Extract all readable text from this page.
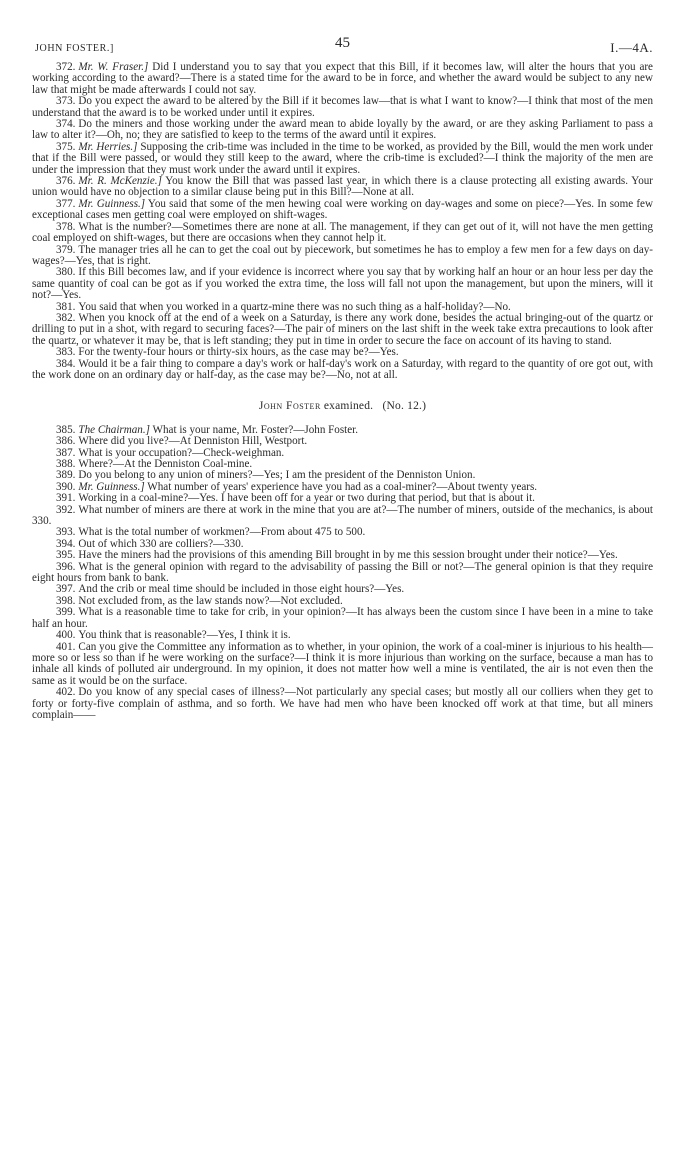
JOHN FOSTER.]	45	I.—4A.

372. Mr. W. Fraser.] Did I understand you to say that you expect that this Bill, if it becomes law, will alter the hours that you are working according to the award?—There is a stated time for the award to be in force, and whether the award would be subject to any new law that might be made afterwards I could not say.

373. Do you expect the award to be altered by the Bill if it becomes law—that is what I want to know?—I think that most of the men understand that the award is to be worked under until it expires.

374. Do the miners and those working under the award mean to abide loyally by the award, or are they asking Parliament to pass a law to alter it?—Oh, no; they are satisfied to keep to the terms of the award until it expires.

375. Mr. Herries.] Supposing the crib-time was included in the time to be worked, as provided by the Bill, would the men work under that if the Bill were passed, or would they still keep to the award, where the crib-time is excluded?—I think the majority of the men are under the impression that they must work under the award until it expires.

376. Mr. R. McKenzie.] You know the Bill that was passed last year, in which there is a clause protecting all existing awards. Your union would have no objection to a similar clause being put in this Bill?—None at all.

377. Mr. Guinness.] You said that some of the men hewing coal were working on day-wages and some on piece?—Yes. In some few exceptional cases men getting coal were employed on shift-wages.

378. What is the number?—Sometimes there are none at all. The management, if they can get out of it, will not have the men getting coal employed on shift-wages, but there are occasions when they cannot help it.

379. The manager tries all he can to get the coal out by piecework, but sometimes he has to employ a few men for a few days on day-wages?—Yes, that is right.

380. If this Bill becomes law, and if your evidence is incorrect where you say that by working half an hour or an hour less per day the same quantity of coal can be got as if you worked the extra time, the loss will fall not upon the management, but upon the miners, will it not?—Yes.

381. You said that when you worked in a quartz-mine there was no such thing as a half-holiday?—No.

382. When you knock off at the end of a week on a Saturday, is there any work done, besides the actual bringing-out of the quartz or drilling to put in a shot, with regard to securing faces?—The pair of miners on the last shift in the week take extra precautions to look after the quartz, or whatever it may be, that is left standing; they put in time in order to secure the face on account of its having to stand.

383. For the twenty-four hours or thirty-six hours, as the case may be?—Yes.

384. Would it be a fair thing to compare a day's work or half-day's work on a Saturday, with regard to the quantity of ore got out, with the work done on an ordinary day or half-day, as the case may be?—No, not at all.

John Foster examined. (No. 12.)

385. The Chairman.] What is your name, Mr. Foster?—John Foster.

386. Where did you live?—At Denniston Hill, Westport.

387. What is your occupation?—Check-weighman.

388. Where?—At the Denniston Coal-mine.

389. Do you belong to any union of miners?—Yes; I am the president of the Denniston Union.

390. Mr. Guinness.] What number of years' experience have you had as a coal-miner?—About twenty years.

391. Working in a coal-mine?—Yes. I have been off for a year or two during that period, but that is about it.

392. What number of miners are there at work in the mine that you are at?—The number of miners, outside of the mechanics, is about 330.

393. What is the total number of workmen?—From about 475 to 500.

394. Out of which 330 are colliers?—330.

395. Have the miners had the provisions of this amending Bill brought in by me this session brought under their notice?—Yes.

396. What is the general opinion with regard to the advisability of passing the Bill or not?—The general opinion is that they require eight hours from bank to bank.

397. And the crib or meal time should be included in those eight hours?—Yes.

398. Not excluded from, as the law stands now?—Not excluded.

399. What is a reasonable time to take for crib, in your opinion?—It has always been the custom since I have been in a mine to take half an hour.

400. You think that is reasonable?—Yes, I think it is.

401. Can you give the Committee any information as to whether, in your opinion, the work of a coal-miner is injurious to his health—more so or less so than if he were working on the surface?—I think it is more injurious than working on the surface, because a man has to inhale all kinds of polluted air underground. In my opinion, it does not matter how well a mine is ventilated, the air is not even then the same as it would be on the surface.

402. Do you know of any special cases of illness?—Not particularly any special cases; but mostly all our colliers when they get to forty or forty-five complain of asthma, and so forth. We have had men who have been knocked off work at that time, but all miners complain——
